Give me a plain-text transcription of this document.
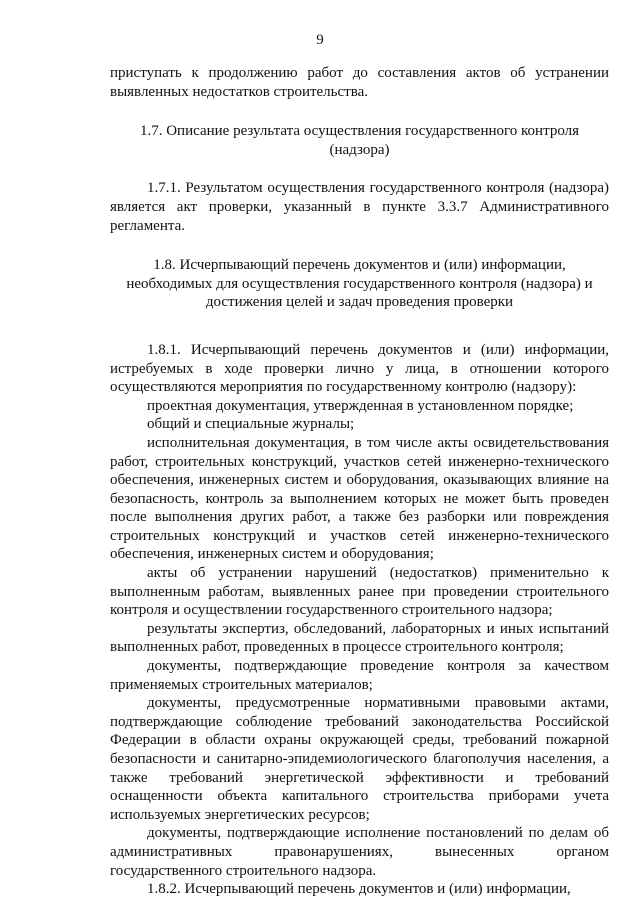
9

приступать к продолжению работ до составления актов об устранении выявленных недостатков строительства.

1.7. Описание результата осуществления государственного контроля (надзора)

1.7.1. Результатом осуществления государственного контроля (надзора) является акт проверки, указанный в пункте 3.3.7 Административного регламента.

1.8. Исчерпывающий перечень документов и (или) информации, необходимых для осуществления государственного контроля (надзора) и достижения целей и задач проведения проверки

1.8.1. Исчерпывающий перечень документов и (или) информации, истребуемых в ходе проверки лично у лица, в отношении которого осуществляются мероприятия по государственному контролю (надзору):

проектная документация, утвержденная в установленном порядке;

общий и специальные журналы;

исполнительная документация, в том числе акты освидетельствования работ, строительных конструкций, участков сетей инженерно-технического обеспечения, инженерных систем и оборудования, оказывающих влияние на безопасность, контроль за выполнением которых не может быть проведен после выполнения других работ, а также без разборки или повреждения строительных конструкций и участков сетей инженерно-технического обеспечения, инженерных систем и оборудования;

акты об устранении нарушений (недостатков) применительно к выполненным работам, выявленных ранее при проведении строительного контроля и осуществлении государственного строительного надзора;

результаты экспертиз, обследований, лабораторных и иных испытаний выполненных работ, проведенных в процессе строительного контроля;

документы, подтверждающие проведение контроля за качеством применяемых строительных материалов;

документы, предусмотренные нормативными правовыми актами, подтверждающие соблюдение требований законодательства Российской Федерации в области охраны окружающей среды, требований пожарной безопасности и санитарно-эпидемиологического благополучия населения, а также требований энергетической эффективности и требований оснащенности объекта капитального строительства приборами учета используемых энергетических ресурсов;

документы, подтверждающие исполнение постановлений по делам об административных правонарушениях, вынесенных органом государственного строительного надзора.

1.8.2. Исчерпывающий перечень документов и (или) информации,
